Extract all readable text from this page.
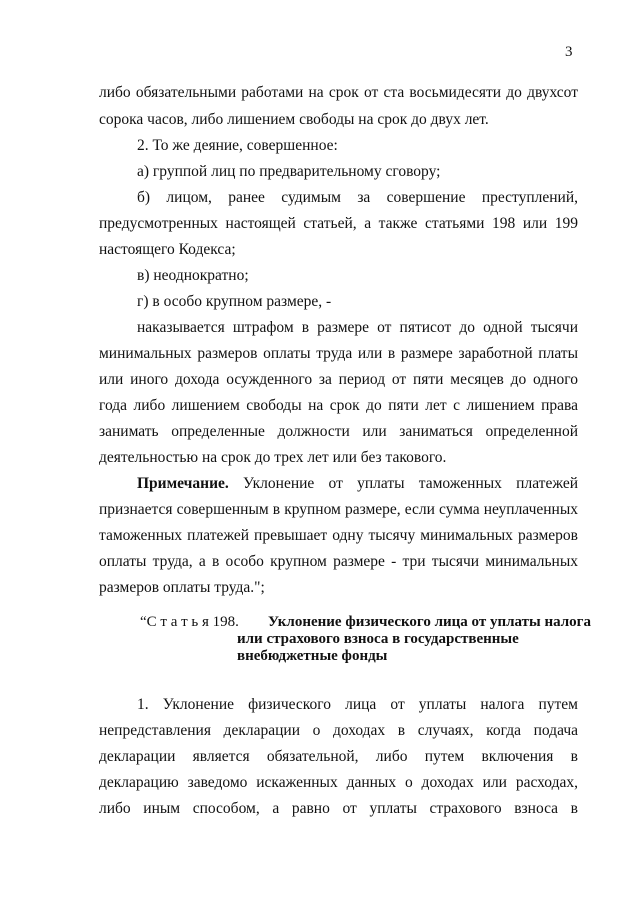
3
либо обязательными работами на срок от ста восьмидесяти до двухсот
сорока часов, либо лишением свободы на срок до двух лет.
2. То же деяние, совершенное:
а) группой лиц по предварительному сговору;
б) лицом, ранее судимым за совершение преступлений,
предусмотренных настоящей статьей, а также статьями 198 или 199
настоящего Кодекса;
в) неоднократно;
г) в особо крупном размере, -
наказывается штрафом в размере от пятисот до одной тысячи
минимальных размеров оплаты труда или в размере заработной платы
или иного дохода осужденного за период от пяти месяцев до одного
года либо лишением свободы на срок до пяти лет с лишением права
занимать определенные должности или заниматься определенной
деятельностью на срок до трех лет или без такового.
Примечание. Уклонение от уплаты таможенных платежей
признается совершенным в крупном размере, если сумма неуплаченных
таможенных платежей превышает одну тысячу минимальных размеров
оплаты труда, а в особо крупном размере - три тысячи минимальных
размеров оплаты труда.";
“С т а т ь я 198. Уклонение физического лица от уплаты налога
или страхового взноса в государственные
внебюджетные фонды
1. Уклонение физического лица от уплаты налога путем
непредставления декларации о доходах в случаях, когда подача
декларации является обязательной, либо путем включения в
декларацию заведомо искаженных данных о доходах или расходах,
либо иным способом, а равно от уплаты страхового взноса в
